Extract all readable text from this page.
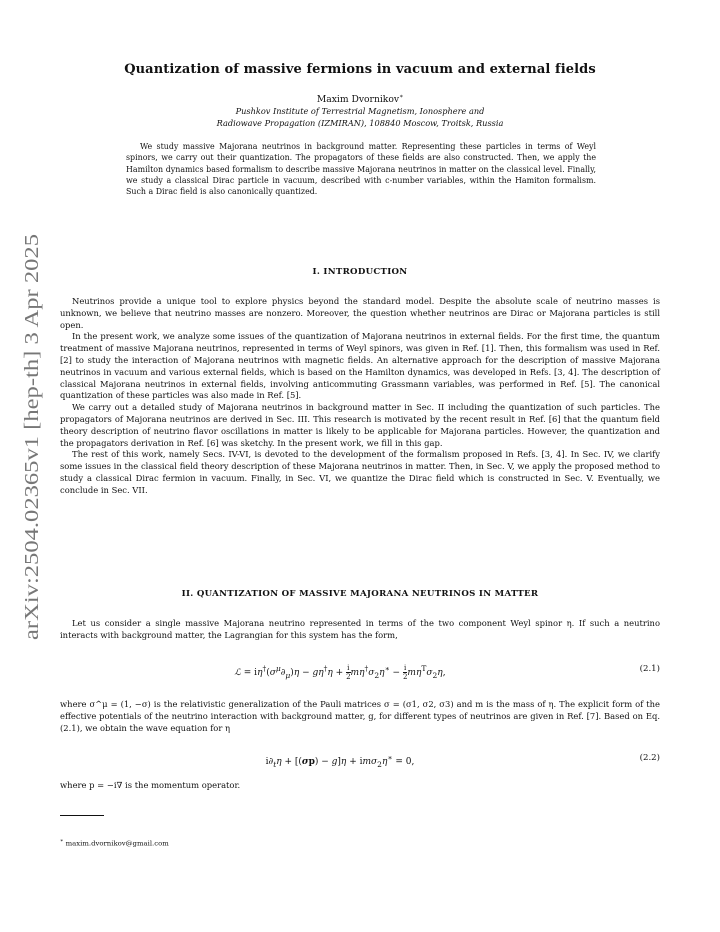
arXiv:2504.02365v1 [hep-th] 3 Apr 2025
Quantization of massive fermions in vacuum and external fields
Maxim Dvornikov∗
Pushkov Institute of Terrestrial Magnetism, Ionosphere and
Radiowave Propagation (IZMIRAN), 108840 Moscow, Troitsk, Russia
We study massive Majorana neutrinos in background matter. Representing these particles in terms of Weyl spinors, we carry out their quantization. The propagators of these fields are also constructed. Then, we apply the Hamilton dynamics based formalism to describe massive Majorana neutrinos in matter on the classical level. Finally, we study a classical Dirac particle in vacuum, described with c-number variables, within the Hamiton formalism. Such a Dirac field is also canonically quantized.
I. INTRODUCTION

Neutrinos provide a unique tool to explore physics beyond the standard model. Despite the absolute scale of neutrino masses is unknown, we believe that neutrino masses are nonzero. Moreover, the question whether neutrinos are Dirac or Majorana particles is still open.

In the present work, we analyze some issues of the quantization of Majorana neutrinos in external fields. For the first time, the quantum treatment of massive Majorana neutrinos, represented in terms of Weyl spinors, was given in Ref. [1]. Then, this formalism was used in Ref. [2] to study the interaction of Majorana neutrinos with magnetic fields. An alternative approach for the description of massive Majorana neutrinos in vacuum and various external fields, which is based on the Hamilton dynamics, was developed in Refs. [3, 4]. The description of classical Majorana neutrinos in external fields, involving anticommuting Grassmann variables, was performed in Ref. [5]. The canonical quantization of these particles was also made in Ref. [5].

We carry out a detailed study of Majorana neutrinos in background matter in Sec. II including the quantization of such particles. The propagators of Majorana neutrinos are derived in Sec. III. This research is motivated by the recent result in Ref. [6] that the quantum field theory description of neutrino flavor oscillations in matter is likely to be applicable for Majorana particles. However, the quantization and the propagators derivation in Ref. [6] was sketchy. In the present work, we fill in this gap.

The rest of this work, namely Secs. IV-VI, is devoted to the development of the formalism proposed in Refs. [3, 4]. In Sec. IV, we clarify some issues in the classical field theory description of these Majorana neutrinos in matter. Then, in Sec. V, we apply the proposed method to study a classical Dirac fermion in vacuum. Finally, in Sec. VI, we quantize the Dirac field which is constructed in Sec. V. Eventually, we conclude in Sec. VII.

II. QUANTIZATION OF MASSIVE MAJORANA NEUTRINOS IN MATTER

Let us consider a single massive Majorana neutrino represented in terms of the two component Weyl spinor η. If such a neutrino interacts with background matter, the Lagrangian for this system has the form,

ℒ = $i\eta^\dagger(\sigma^\mu\partial_\mu)\eta - g\eta^\dagger\eta + \frac{i}{2} m\eta^\dagger\sigma_2\eta^∗ - \frac{i}{2} m\eta^T\sigma_2\eta$,	(2.1)

where σ^μ = (1, −σ) is the relativistic generalization of the Pauli matrices σ = (σ1, σ2, σ3) and m is the mass of η. The explicit form of the effective potentials of the neutrino interaction with background matter, g, for different types of neutrinos are given in Ref. [7]. Based on Eq. (2.1), we obtain the wave equation for η

$i\partial_t\eta + [(\sigma p) - g]\eta + im\sigma_2\eta^∗ = 0$,	(2.2)

where p = −i∇ is the momentum operator.

∗ maxim.dvornikov@gmail.com
